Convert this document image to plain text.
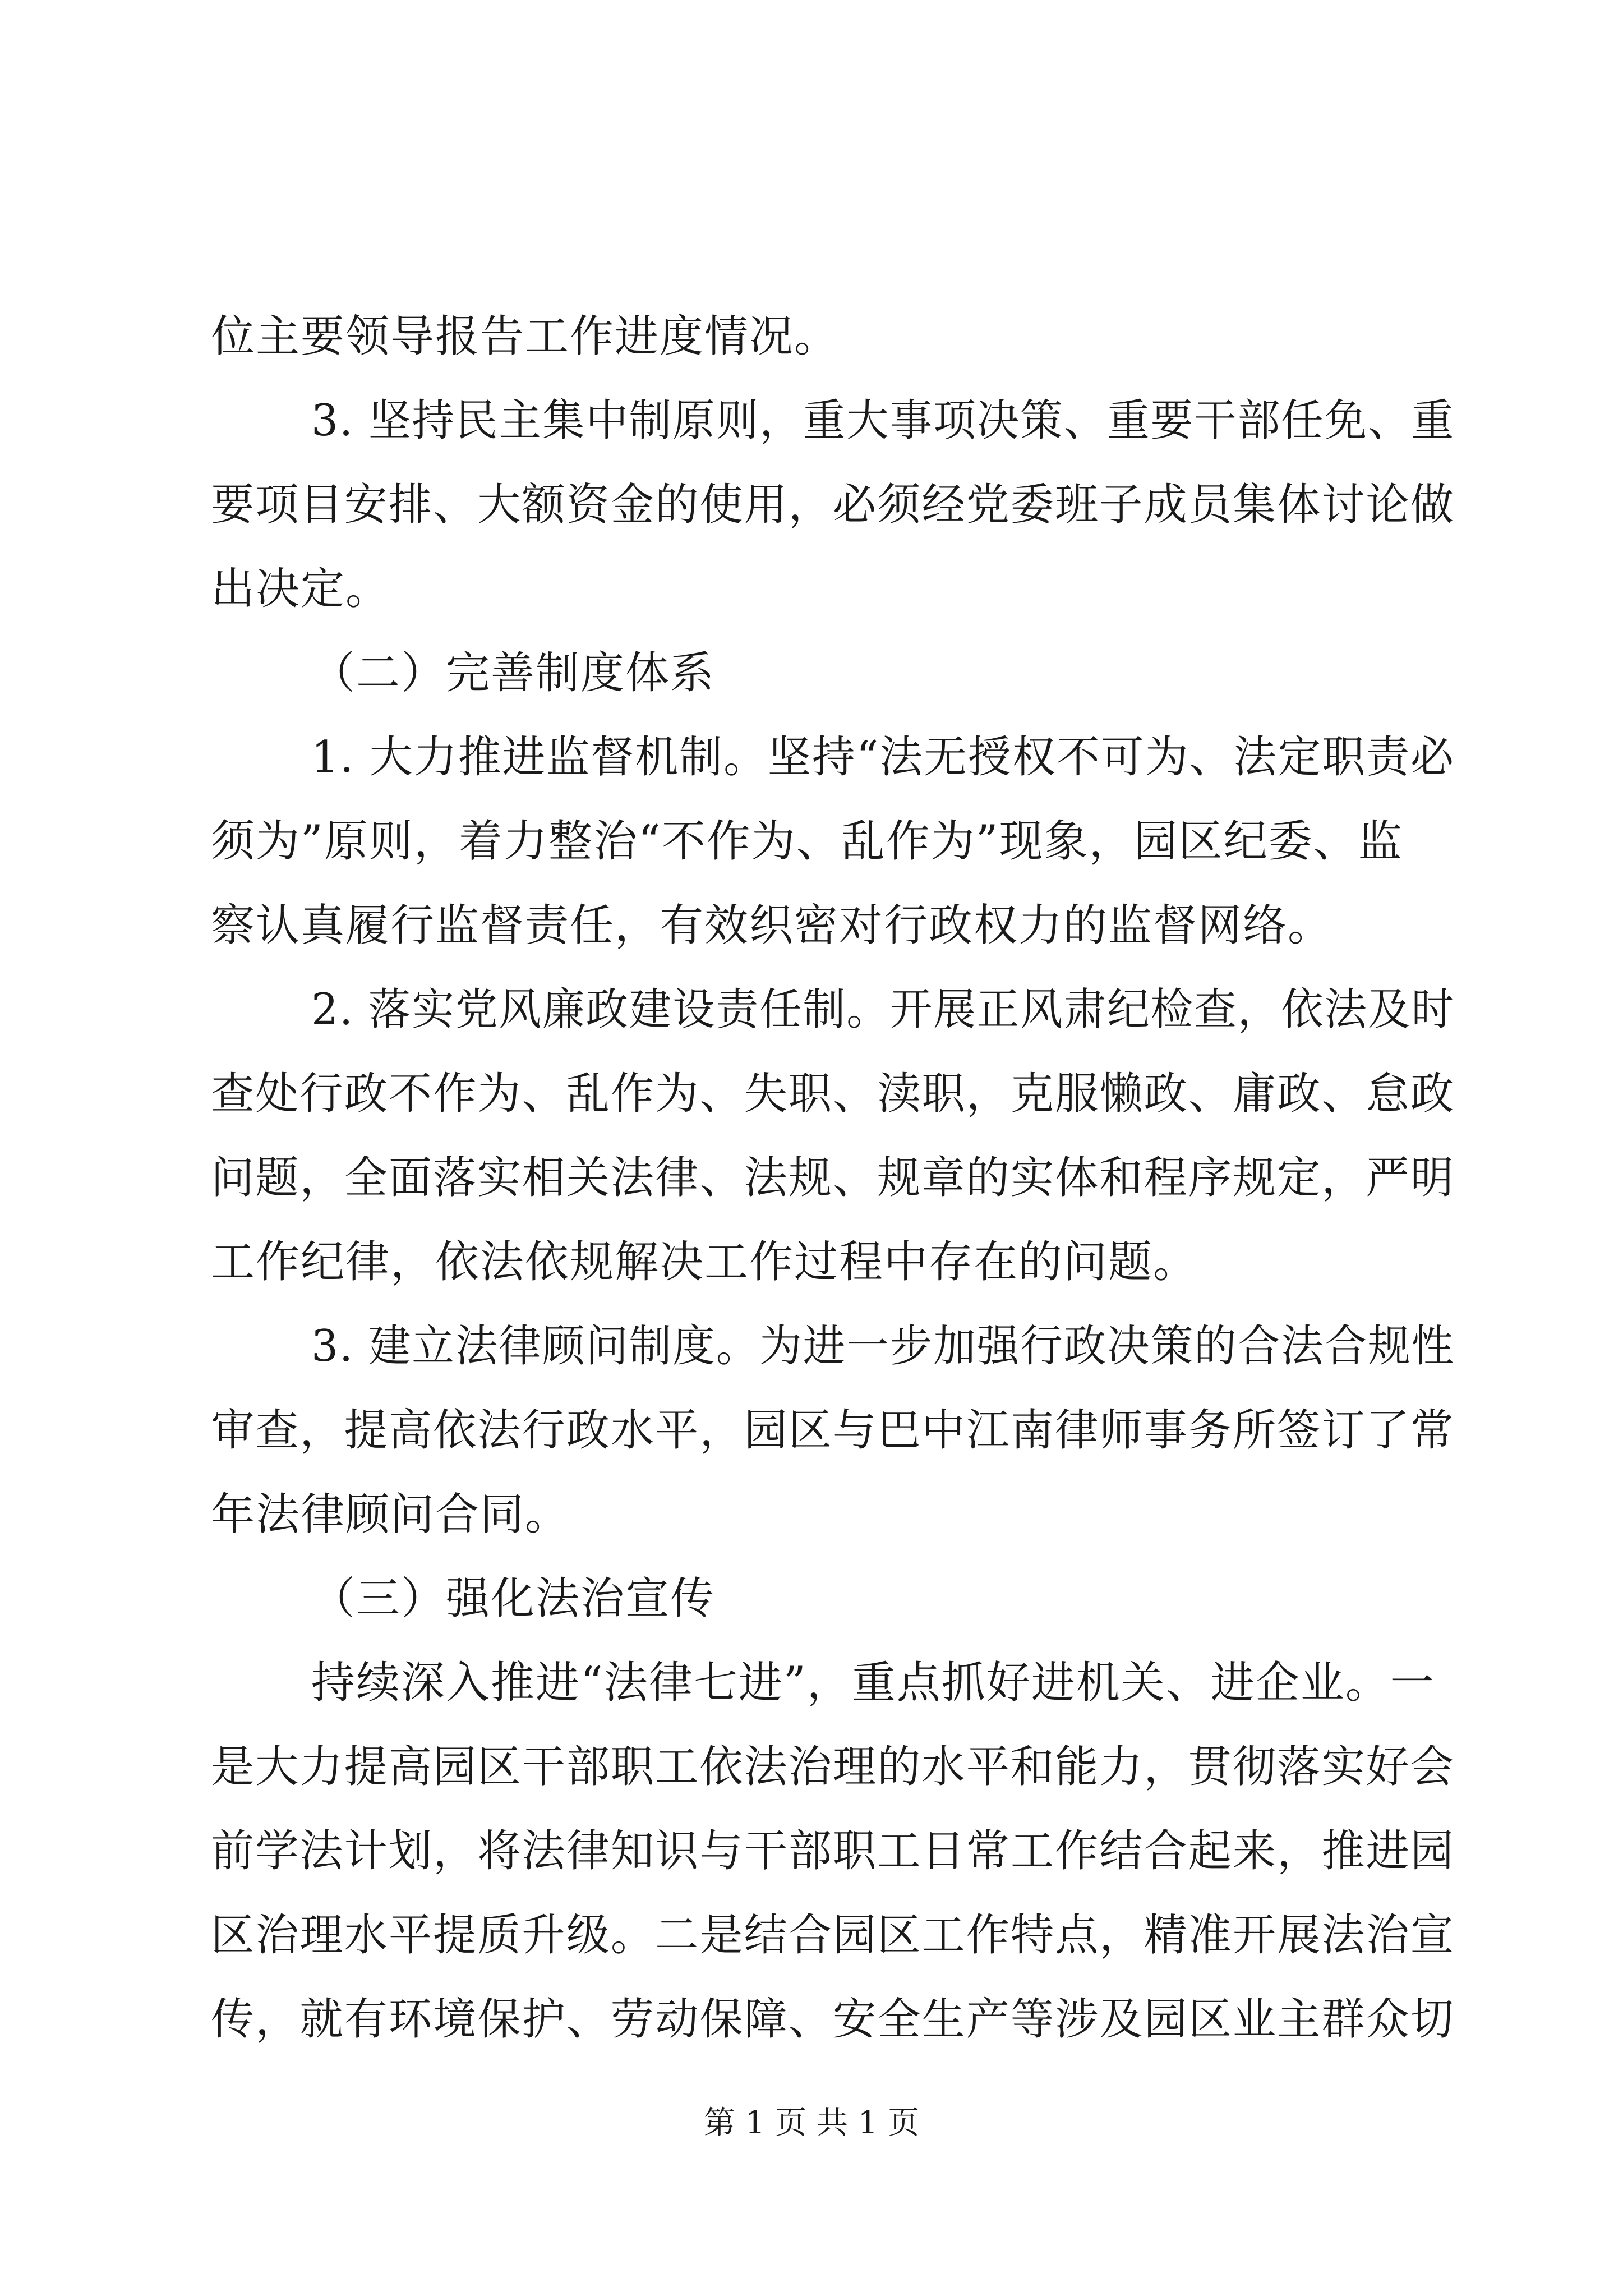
位主要领导报告工作进度情况。
3. 坚持民主集中制原则，重大事项决策、重要干部任免、重
要项目安排、大额资金的使用，必须经党委班子成员集体讨论做
出决定。
（二）完善制度体系
1. 大力推进监督机制。坚持“法无授权不可为、法定职责必
须为”原则，着力整治“不作为、乱作为”现象，园区纪委、监
察认真履行监督责任，有效织密对行政权力的监督网络。
2. 落实党风廉政建设责任制。开展正风肃纪检查，依法及时
查处行政不作为、乱作为、失职、渎职，克服懒政、庸政、怠政
问题，全面落实相关法律、法规、规章的实体和程序规定，严明
工作纪律，依法依规解决工作过程中存在的问题。
3. 建立法律顾问制度。为进一步加强行政决策的合法合规性
审查，提高依法行政水平，园区与巴中江南律师事务所签订了常
年法律顾问合同。
（三）强化法治宣传
持续深入推进“法律七进”，重点抓好进机关、进企业。一
是大力提高园区干部职工依法治理的水平和能力，贯彻落实好会
前学法计划，将法律知识与干部职工日常工作结合起来，推进园
区治理水平提质升级。二是结合园区工作特点，精准开展法治宣
传，就有环境保护、劳动保障、安全生产等涉及园区业主群众切
第 1 页 共 1 页
